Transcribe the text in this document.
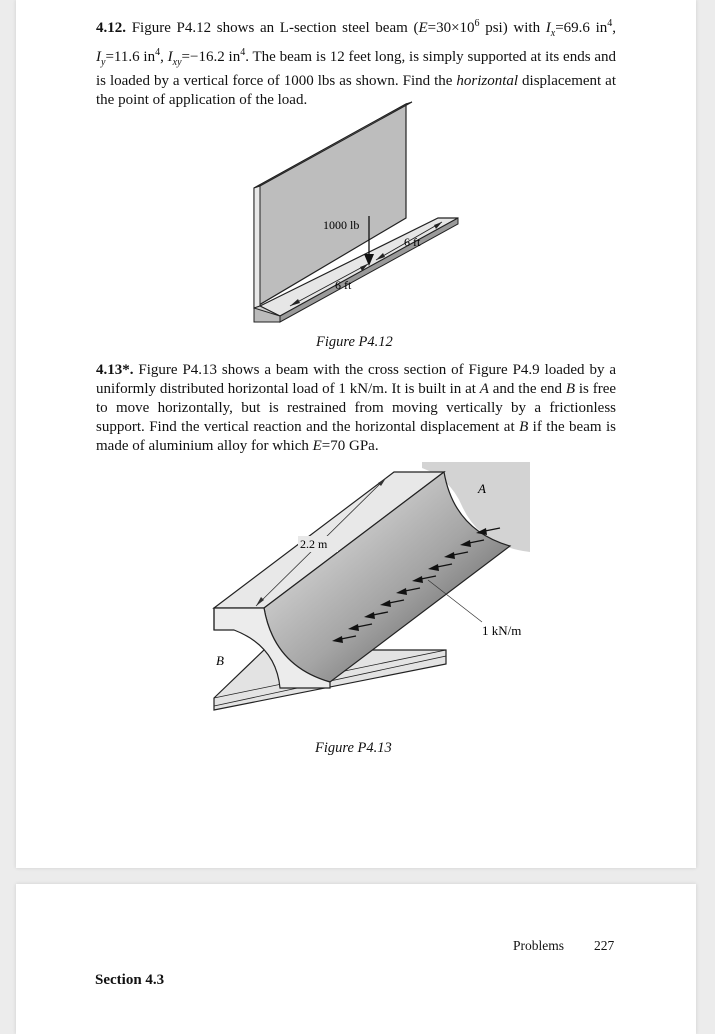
4.12. Figure P4.12 shows an L-section steel beam ($E=30\times 10^6$ psi) with $I_x=69.6$ $in^4$, $I_y=11.6$ $in^4$, $I_{xy}=-16.2$ $in^4$. The beam is 12 feet long, is simply supported at its ends and is loaded by a vertical force of 1000 lbs as shown. Find the horizontal displacement at the point of application of the load.
1000 lb
6 ft
6 ft
Figure P4.12
4.13*. Figure P4.13 shows a beam with the cross section of Figure P4.9 loaded by a uniformly distributed horizontal load of 1 kN/m. It is built in at A and the end B is free to move horizontally, but is restrained from moving vertically by a frictionless support. Find the vertical reaction and the horizontal displacement at B if the beam is made of aluminium alloy for which E=70 GPa.
2.2 m
1 kN/m
A
B
Figure P4.13
Problems 227
Section 4.3
